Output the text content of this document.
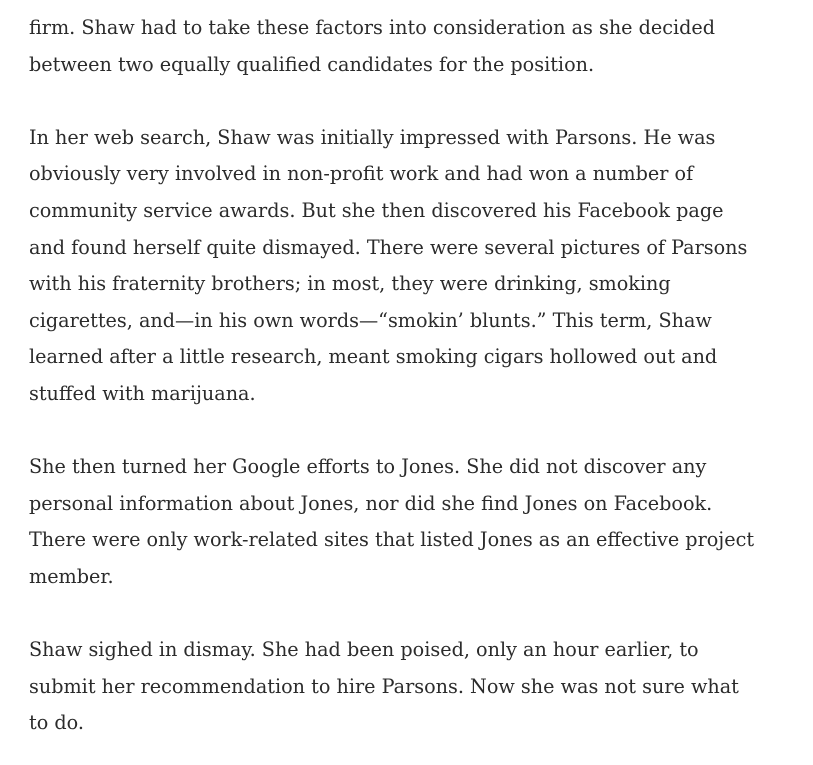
firm. Shaw had to take these factors into consideration as she decided
between two equally qualified candidates for the position.

In her web search, Shaw was initially impressed with Parsons. He was
obviously very involved in non-profit work and had won a number of
community service awards. But she then discovered his Facebook page
and found herself quite dismayed. There were several pictures of Parsons
with his fraternity brothers; in most, they were drinking, smoking
cigarettes, and—in his own words—“smokin’ blunts.” This term, Shaw
learned after a little research, meant smoking cigars hollowed out and
stuffed with marijuana.

She then turned her Google efforts to Jones. She did not discover any
personal information about Jones, nor did she find Jones on Facebook.
There were only work-related sites that listed Jones as an effective project
member.

Shaw sighed in dismay. She had been poised, only an hour earlier, to
submit her recommendation to hire Parsons. Now she was not sure what
to do.
